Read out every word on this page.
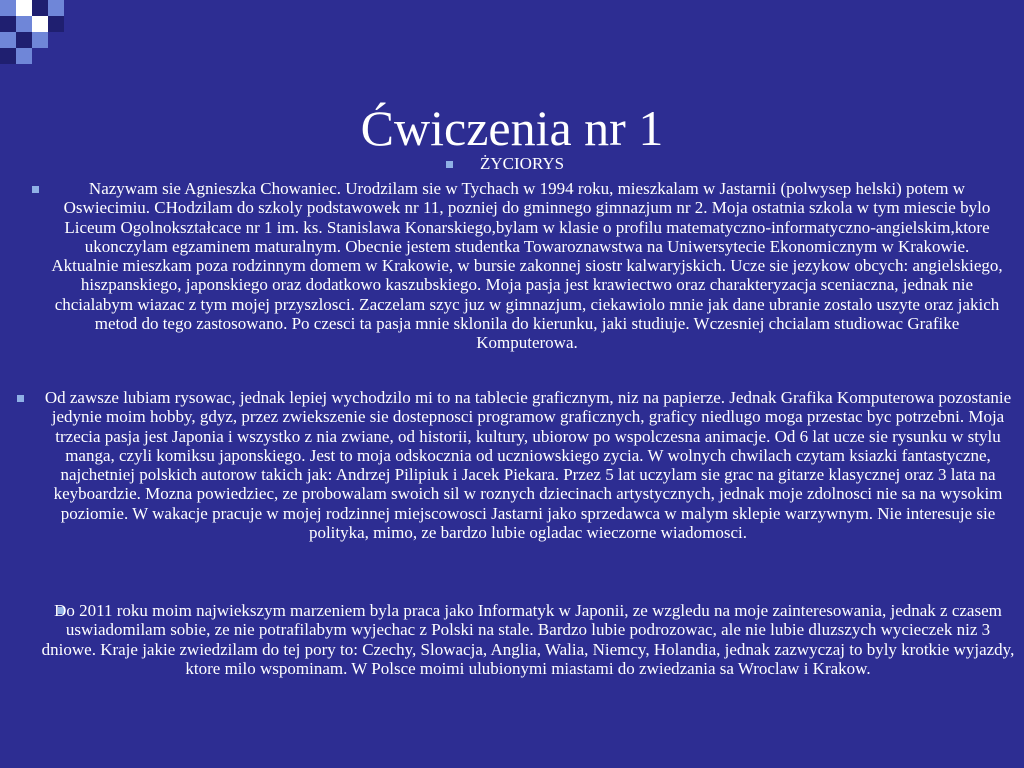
Ćwiczenia nr 1

ŻYCIORYS

Nazywam sie Agnieszka Chowaniec. Urodzilam sie w Tychach w 1994 roku, mieszkalam w Jastarnii (polwysep helski) potem w Oswiecimiu. CHodzilam do szkoly podstawowek nr 11, pozniej do gminnego gimnazjum nr 2. Moja ostatnia szkola w tym miescie bylo Liceum Ogolnokształcace nr 1 im. ks. Stanislawa Konarskiego,bylam w klasie o profilu matematyczno-informatyczno-angielskim,ktore ukonczylam egzaminem maturalnym. Obecnie jestem studentka Towaroznawstwa na Uniwersytecie Ekonomicznym w Krakowie. Aktualnie mieszkam poza rodzinnym domem w Krakowie, w bursie zakonnej siostr kalwaryjskich. Ucze sie jezykow obcych: angielskiego, hiszpanskiego, japonskiego oraz dodatkowo kaszubskiego. Moja pasja jest krawiectwo oraz charakteryzacja sceniaczna, jednak nie chcialabym wiazac z tym mojej przyszlosci. Zaczelam szyc juz w gimnazjum, ciekawiolo mnie jak dane ubranie zostalo uszyte oraz jakich metod do tego zastosowano. Po czesci ta pasja mnie sklonila do kierunku, jaki studiuje. Wczesniej chcialam studiowac Grafike Komputerowa.

Od zawsze lubiam rysowac, jednak lepiej wychodzilo mi to na tablecie graficznym, niz na papierze. Jednak Grafika Komputerowa pozostanie jedynie moim hobby, gdyz, przez zwiekszenie sie dostepnosci programow graficznych, graficy niedlugo moga przestac byc potrzebni. Moja trzecia pasja jest Japonia i wszystko z nia zwiane, od historii, kultury, ubiorow po wspolczesna animacje. Od 6 lat ucze sie rysunku w stylu manga, czyli komiksu japonskiego. Jest to moja odskocznia od uczniowskiego zycia. W wolnych chwilach czytam ksiazki fantastyczne, najchetniej polskich autorow takich jak: Andrzej Pilipiuk i Jacek Piekara. Przez 5 lat uczylam sie grac na gitarze klasycznej oraz 3 lata na keyboardzie. Mozna powiedziec, ze probowalam swoich sil w roznych dziecinach artystycznych, jednak moje zdolnosci nie sa na wysokim poziomie. W wakacje pracuje w mojej rodzinnej miejscowosci Jastarni jako sprzedawca w malym sklepie warzywnym. Nie interesuje sie polityka, mimo, ze bardzo lubie ogladac wieczorne wiadomosci.

Do 2011 roku moim najwiekszym marzeniem byla praca jako Informatyk w Japonii, ze wzgledu na moje zainteresowania, jednak z czasem uswiadomilam sobie, ze nie potrafilabym wyjechac z Polski na stale. Bardzo lubie podrozowac, ale nie lubie dluzszych wycieczek niz 3 dniowe. Kraje jakie zwiedzilam do tej pory to: Czechy, Slowacja, Anglia, Walia, Niemcy, Holandia, jednak zazwyczaj to byly krotkie wyjazdy, ktore milo wspominam. W Polsce moimi ulubionymi miastami do zwiedzania sa Wroclaw i Krakow.
